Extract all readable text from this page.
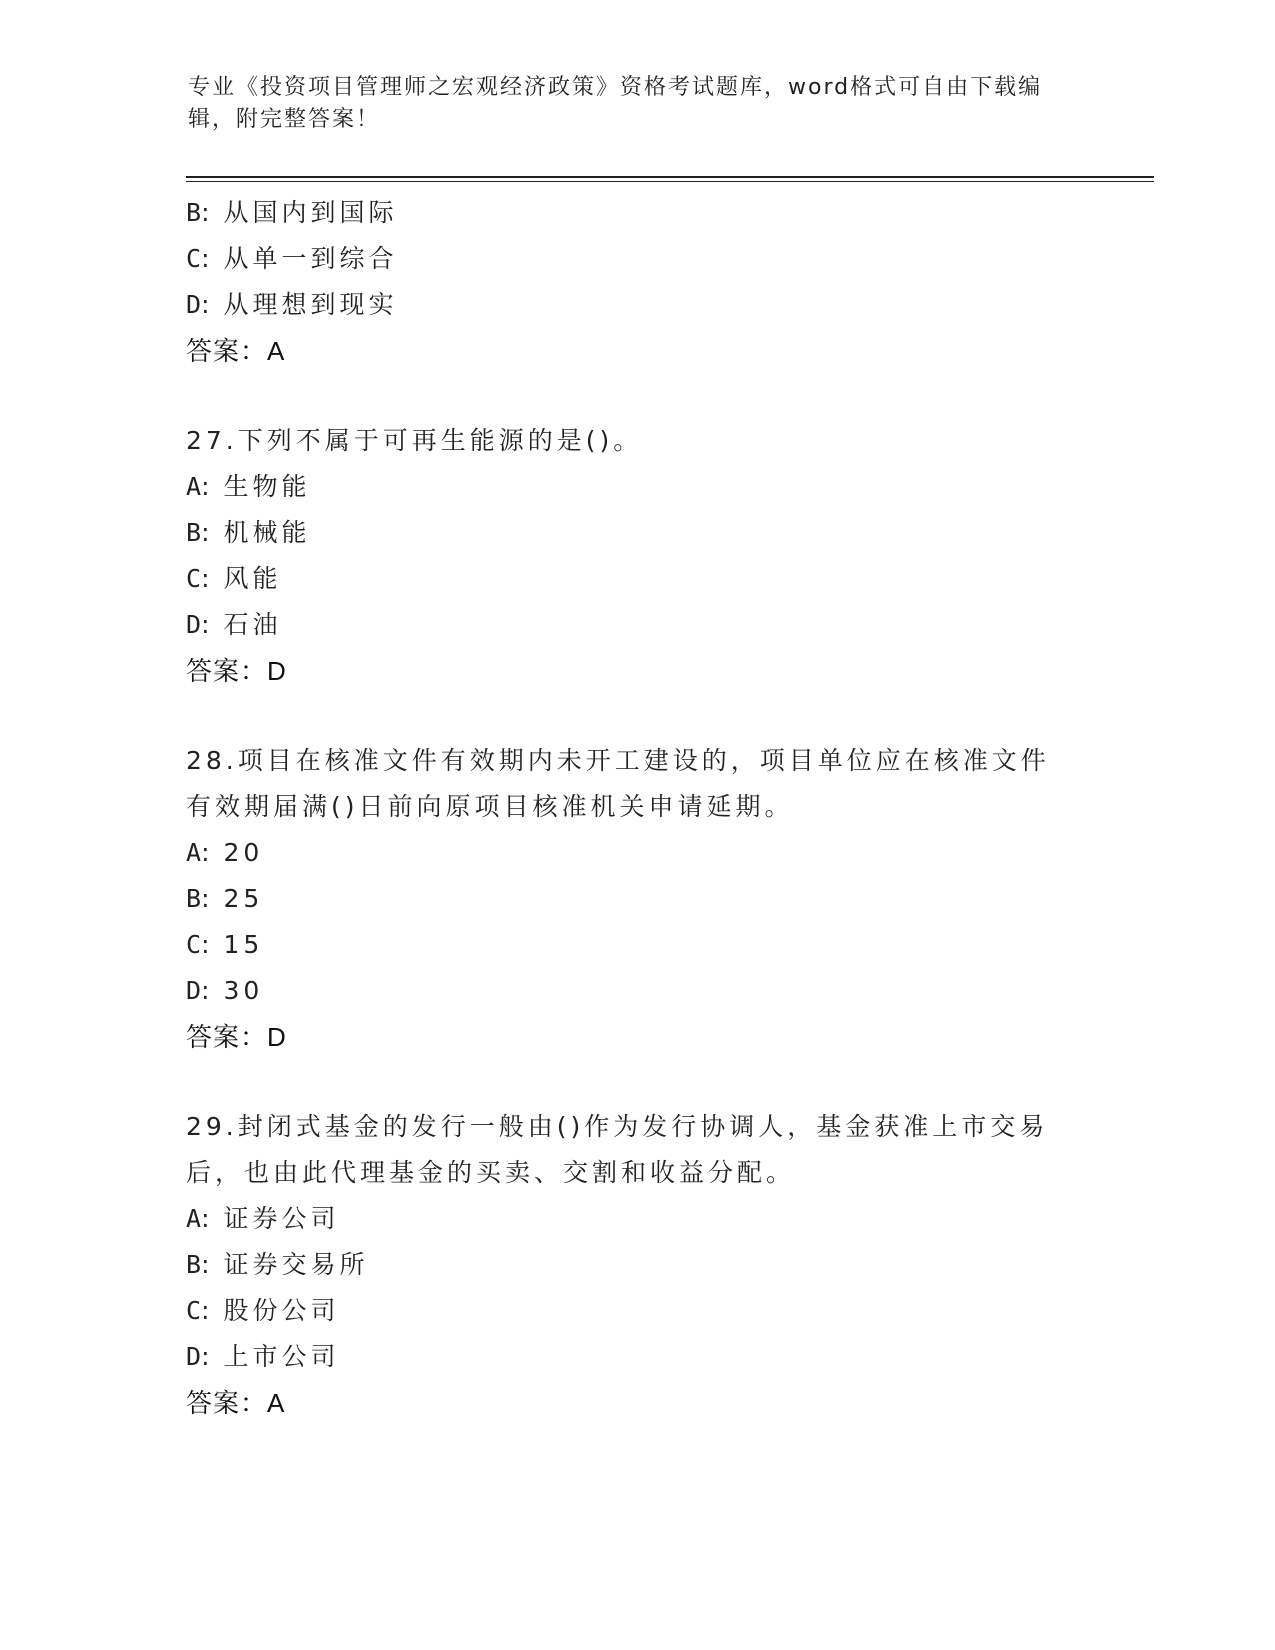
专业《投资项目管理师之宏观经济政策》资格考试题库，word格式可自由下载编辑，附完整答案！
B: 从国内到国际
C: 从单一到综合
D: 从理想到现实
答案：A
27.下列不属于可再生能源的是()。
A: 生物能
B: 机械能
C: 风能
D: 石油
答案：D
28.项目在核准文件有效期内未开工建设的，项目单位应在核准文件有效期届满()日前向原项目核准机关申请延期。
A: 20
B: 25
C: 15
D: 30
答案：D
29.封闭式基金的发行一般由()作为发行协调人，基金获准上市交易后，也由此代理基金的买卖、交割和收益分配。
A: 证券公司
B: 证券交易所
C: 股份公司
D: 上市公司
答案：A
